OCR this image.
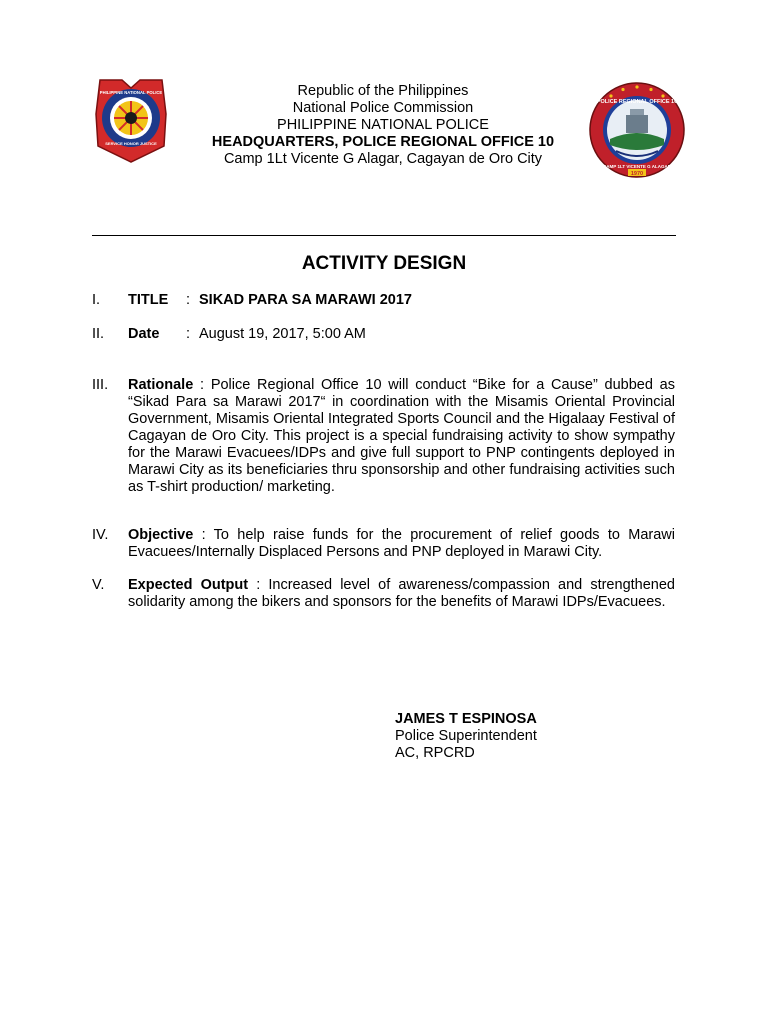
PHILIPPINE NATIONAL POLICE
SERVICE HONOR JUSTICE
Republic of the Philippines
National Police Commission
PHILIPPINE NATIONAL POLICE
HEADQUARTERS, POLICE REGIONAL OFFICE 10
Camp 1Lt Vicente G Alagar, Cagayan de Oro City
POLICE REGIONAL OFFICE 10
CAMP 1LT VICENTE G ALAGAR
1970
ACTIVITY DESIGN
I. TITLE	: SIKAD PARA SA MARAWI 2017
II. Date	: August 19, 2017, 5:00 AM
III. Rationale : Police Regional Office 10 will conduct “Bike for a Cause” dubbed as “Sikad Para sa Marawi 2017“ in coordination with the Misamis Oriental Provincial Government, Misamis Oriental Integrated Sports Council and the Higalaay Festival of Cagayan de Oro City. This project is a special fundraising activity to show sympathy for the Marawi Evacuees/IDPs and give full support to PNP contingents deployed in Marawi City as its beneficiaries thru sponsorship and other fundraising activities such as T-shirt production/ marketing.
IV. Objective : To help raise funds for the procurement of relief goods to Marawi Evacuees/Internally Displaced Persons and PNP deployed in Marawi City.
V. Expected Output : Increased level of awareness/compassion and strengthened solidarity among the bikers and sponsors for the benefits of Marawi IDPs/Evacuees.
JAMES T ESPINOSA
Police Superintendent
AC, RPCRD
